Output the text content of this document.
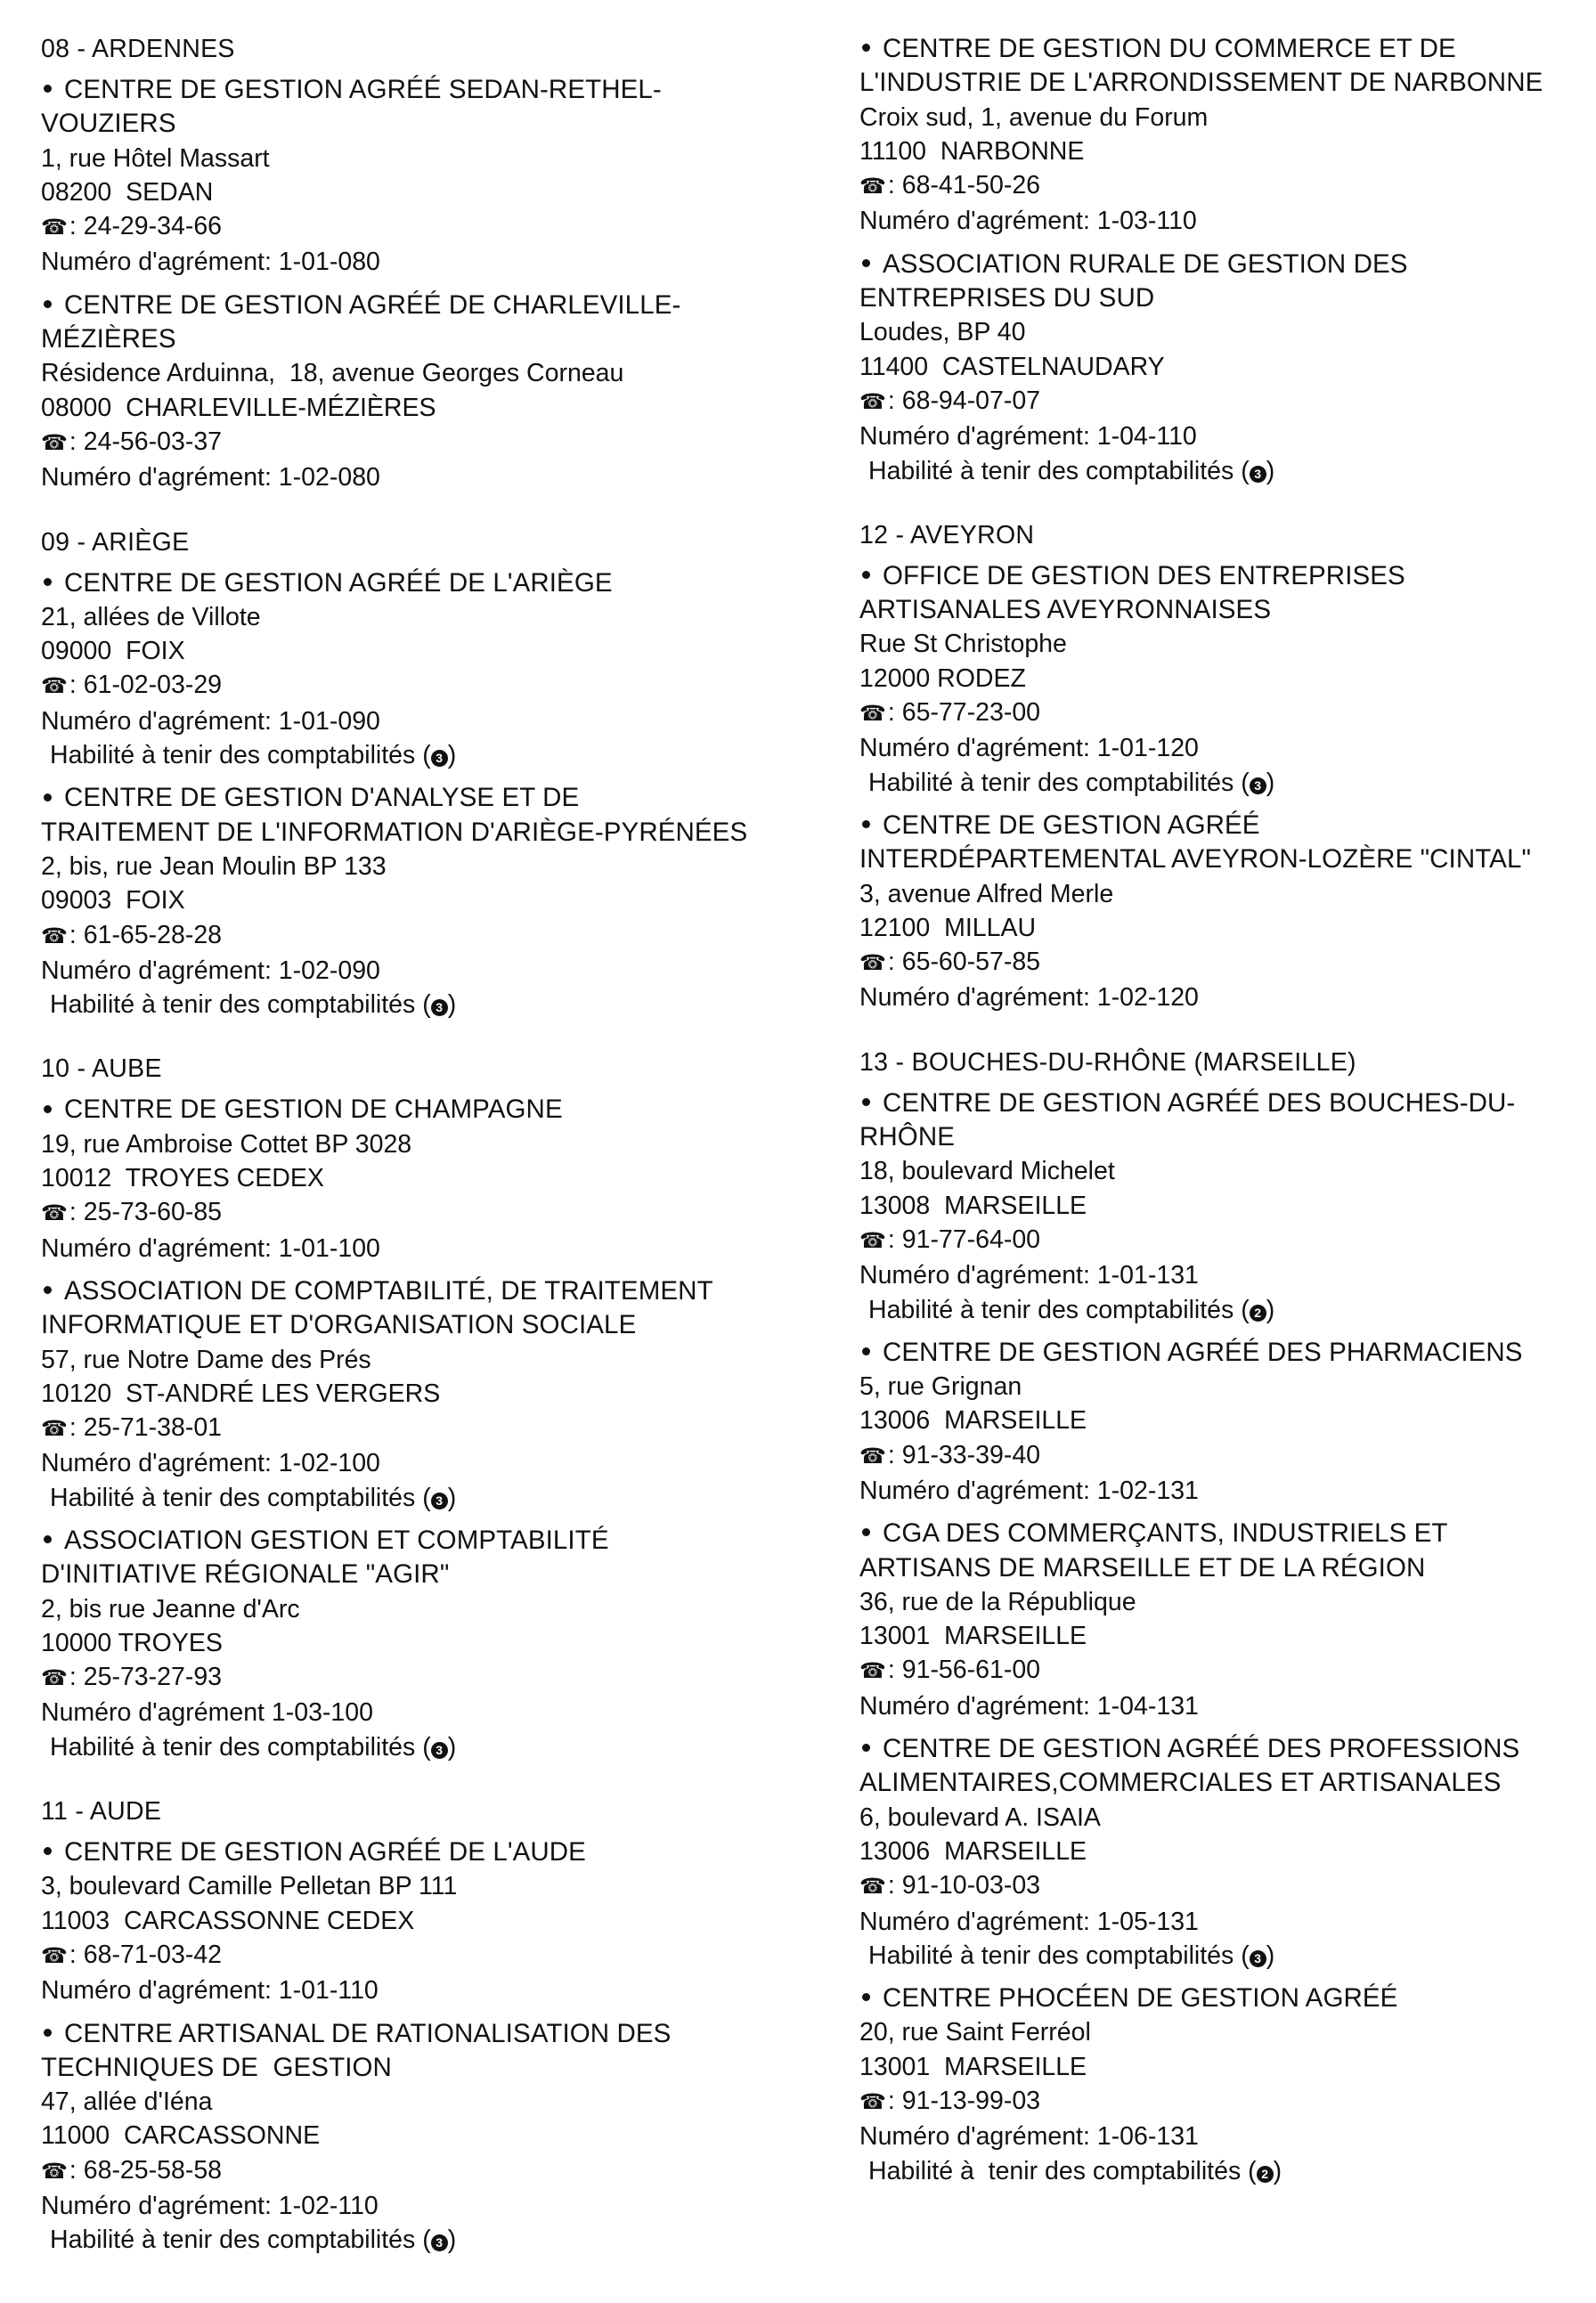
08 - ARDENNES
CENTRE DE GESTION AGRÉÉ SEDAN-RETHEL-
VOUZIERS
1, rue Hôtel Massart
08200  SEDAN
☎: 24-29-34-66
Numéro d'agrément: 1-01-080
CENTRE DE GESTION AGRÉÉ DE CHARLEVILLE-
MÉZIÈRES
Résidence Arduinna,  18, avenue Georges Corneau
08000  CHARLEVILLE-MÉZIÈRES
☎: 24-56-03-37
Numéro d'agrément: 1-02-080
09 - ARIÈGE
CENTRE DE GESTION AGRÉÉ DE L'ARIÈGE
21, allées de Villote
09000  FOIX
☎: 61-02-03-29
Numéro d'agrément: 1-01-090
Habilité à tenir des comptabilités ( 3 )
CENTRE DE GESTION D'ANALYSE ET DE
TRAITEMENT DE L'INFORMATION D'ARIÈGE-PYRÉNÉES
2, bis, rue Jean Moulin BP 133
09003  FOIX
☎: 61-65-28-28
Numéro d'agrément: 1-02-090
Habilité à tenir des comptabilités ( 3 )
10 - AUBE
CENTRE DE GESTION DE CHAMPAGNE
19, rue Ambroise Cottet BP 3028
10012  TROYES CEDEX
☎: 25-73-60-85
Numéro d'agrément: 1-01-100
ASSOCIATION DE COMPTABILITÉ, DE TRAITEMENT
INFORMATIQUE ET D'ORGANISATION SOCIALE
57, rue Notre Dame des Prés
10120  ST-ANDRÉ LES VERGERS
☎: 25-71-38-01
Numéro d'agrément: 1-02-100
Habilité à tenir des comptabilités ( 3 )
ASSOCIATION GESTION ET COMPTABILITÉ
D'INITIATIVE RÉGIONALE "AGIR"
2, bis rue Jeanne d'Arc
10000 TROYES
☎: 25-73-27-93
Numéro d'agrément 1-03-100
Habilité à tenir des comptabilités ( 3 )
11 - AUDE
CENTRE DE GESTION AGRÉÉ DE L'AUDE
3, boulevard Camille Pelletan BP 111
11003  CARCASSONNE CEDEX
☎: 68-71-03-42
Numéro d'agrément: 1-01-110
CENTRE ARTISANAL DE RATIONALISATION DES
TECHNIQUES DE  GESTION
47, allée d'Iéna
11000  CARCASSONNE
☎: 68-25-58-58
Numéro d'agrément: 1-02-110
Habilité à tenir des comptabilités ( 3 )
CENTRE DE GESTION DU COMMERCE ET DE
L'INDUSTRIE DE L'ARRONDISSEMENT DE NARBONNE
Croix sud, 1, avenue du Forum
11100  NARBONNE
☎: 68-41-50-26
Numéro d'agrément: 1-03-110
ASSOCIATION RURALE DE GESTION DES
ENTREPRISES DU SUD
Loudes, BP 40
11400  CASTELNAUDARY
☎: 68-94-07-07
Numéro d'agrément: 1-04-110
Habilité à tenir des comptabilités ( 3 )
12 - AVEYRON
OFFICE DE GESTION DES ENTREPRISES
ARTISANALES AVEYRONNAISES
Rue St Christophe
12000 RODEZ
☎: 65-77-23-00
Numéro d'agrément: 1-01-120
Habilité à tenir des comptabilités ( 3 )
CENTRE DE GESTION AGRÉÉ
INTERDÉPARTEMENTAL AVEYRON-LOZÈRE "CINTAL"
3, avenue Alfred Merle
12100  MILLAU
☎: 65-60-57-85
Numéro d'agrément: 1-02-120
13 - BOUCHES-DU-RHÔNE (MARSEILLE)
CENTRE DE GESTION AGRÉÉ DES BOUCHES-DU-
RHÔNE
18, boulevard Michelet
13008  MARSEILLE
☎: 91-77-64-00
Numéro d'agrément: 1-01-131
Habilité à tenir des comptabilités ( 2 )
CENTRE DE GESTION AGRÉÉ DES PHARMACIENS
5, rue Grignan
13006  MARSEILLE
☎: 91-33-39-40
Numéro d'agrément: 1-02-131
CGA DES COMMERÇANTS, INDUSTRIELS ET
ARTISANS DE MARSEILLE ET DE LA RÉGION
36, rue de la République
13001  MARSEILLE
☎: 91-56-61-00
Numéro d'agrément: 1-04-131
CENTRE DE GESTION AGRÉÉ DES PROFESSIONS
ALIMENTAIRES,COMMERCIALES ET ARTISANALES
6, boulevard A. ISAIA
13006  MARSEILLE
☎: 91-10-03-03
Numéro d'agrément: 1-05-131
Habilité à tenir des comptabilités ( 3 )
CENTRE PHOCÉEN DE GESTION AGRÉÉ
20, rue Saint Ferréol
13001  MARSEILLE
☎: 91-13-99-03
Numéro d'agrément: 1-06-131
Habilité à  tenir des comptabilités ( 2 )
